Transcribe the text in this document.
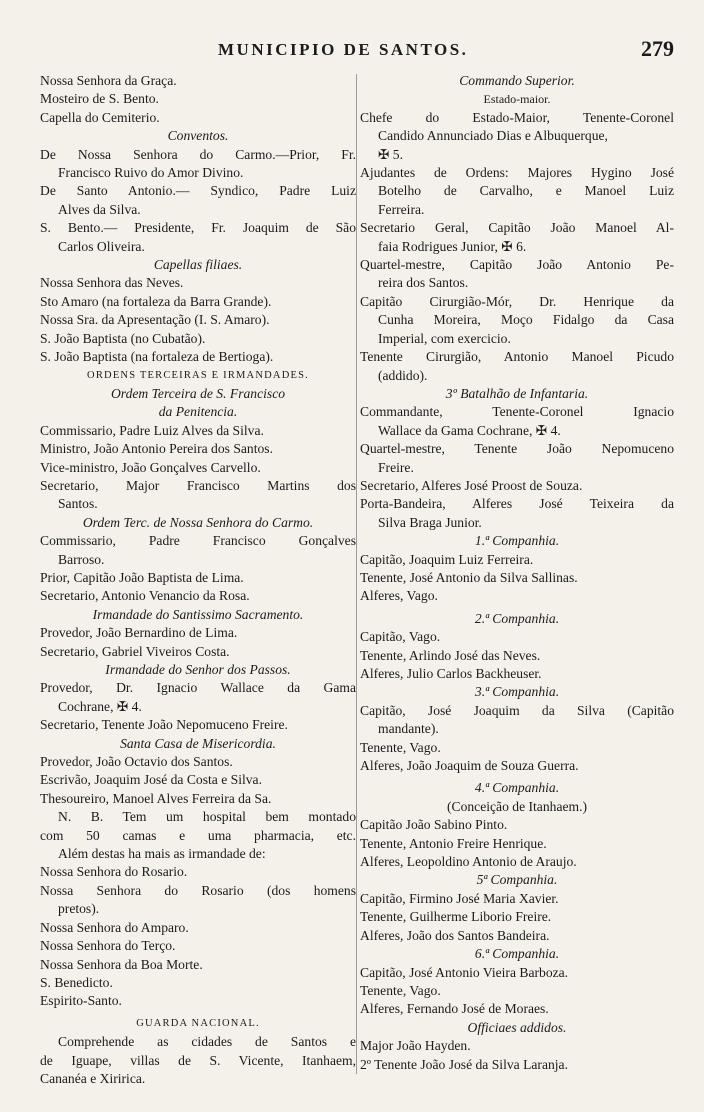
MUNICIPIO DE SANTOS.	279
Nossa Senhora da Graça.
Mosteiro de S. Bento.
Capella do Cemiterio.
Conventos.
De Nossa Senhora do Carmo.—Prior, Fr.
Francisco Ruivo do Amor Divino.
De Santo Antonio.— Syndico, Padre Luiz
Alves da Silva.
S. Bento.— Presidente, Fr. Joaquim de São
Carlos Oliveira.
Capellas filiaes.
Nossa Senhora das Neves.
Sto Amaro (na fortaleza da Barra Grande).
Nossa Sra. da Apresentação (I. S. Amaro).
S. João Baptista (no Cubatão).
S. João Baptista (na fortaleza de Bertioga).
ORDENS TERCEIRAS E IRMANDADES.
Ordem Terceira de S. Francisco
da Penitencia.
Commissario, Padre Luiz Alves da Silva.
Ministro, João Antonio Pereira dos Santos.
Vice-ministro, João Gonçalves Carvello.
Secretario, Major Francisco Martins dos
Santos.
Ordem Terc. de Nossa Senhora do Carmo.
Commissario, Padre Francisco Gonçalves
Barroso.
Prior, Capitão João Baptista de Lima.
Secretario, Antonio Venancio da Rosa.
Irmandade do Santissimo Sacramento.
Provedor, João Bernardino de Lima.
Secretario, Gabriel Viveiros Costa.
Irmandade do Senhor dos Passos.
Provedor, Dr. Ignacio Wallace da Gama
Cochrane, ✠ 4.
Secretario, Tenente João Nepomuceno Freire.
Santa Casa de Misericordia.
Provedor, João Octavio dos Santos.
Escrivão, Joaquim José da Costa e Silva.
Thesoureiro, Manoel Alves Ferreira da Sa.
N. B. Tem um hospital bem montado
com 50 camas e uma pharmacia, etc.
Além destas ha mais as irmandade de:
Nossa Senhora do Rosario.
Nossa Senhora do Rosario (dos homens
pretos).
Nossa Senhora do Amparo.
Nossa Senhora do Terço.
Nossa Senhora da Boa Morte.
S. Benedicto.
Espirito-Santo.
GUARDA NACIONAL.
Comprehende as cidades de Santos e
de Iguape, villas de S. Vicente, Itanhaem,
Cananéa e Xiririca.
Commando Superior.
Estado-maior.
Chefe do Estado-Maior, Tenente-Coronel
Candido Annunciado Dias e Albuquerque,
✠ 5.
Ajudantes de Ordens: Majores Hygino José
Botelho de Carvalho, e Manoel Luiz
Ferreira.
Secretario Geral, Capitão João Manoel Al-
faia Rodrigues Junior, ✠ 6.
Quartel-mestre, Capitão João Antonio Pe-
reira dos Santos.
Capitão Cirurgião-Mór, Dr. Henrique da
Cunha Moreira, Moço Fidalgo da Casa
Imperial, com exercicio.
Tenente Cirurgião, Antonio Manoel Picudo
(addido).
3º Batalhão de Infantaria.
Commandante, Tenente-Coronel Ignacio
Wallace da Gama Cochrane, ✠ 4.
Quartel-mestre, Tenente João Nepomuceno
Freire.
Secretario, Alferes José Proost de Souza.
Porta-Bandeira, Alferes José Teixeira da
Silva Braga Junior.
1.ª Companhia.
Capitão, Joaquim Luiz Ferreira.
Tenente, José Antonio da Silva Sallinas.
Alferes, Vago.
2.ª Companhia.
Capitão, Vago.
Tenente, Arlindo José das Neves.
Alferes, Julio Carlos Backheuser.
3.ª Companhia.
Capitão, José Joaquim da Silva (Capitão
mandante).
Tenente, Vago.
Alferes, João Joaquim de Souza Guerra.
4.ª Companhia.
(Conceição de Itanhaem.)
Capitão João Sabino Pinto.
Tenente, Antonio Freire Henrique.
Alferes, Leopoldino Antonio de Araujo.
5ª Companhia.
Capitão, Firmino José Maria Xavier.
Tenente, Guilherme Liborio Freire.
Alferes, João dos Santos Bandeira.
6.ª Companhia.
Capitão, José Antonio Vieira Barboza.
Tenente, Vago.
Alferes, Fernando José de Moraes.
Officiaes addidos.
Major João Hayden.
2º Tenente João José da Silva Laranja.
